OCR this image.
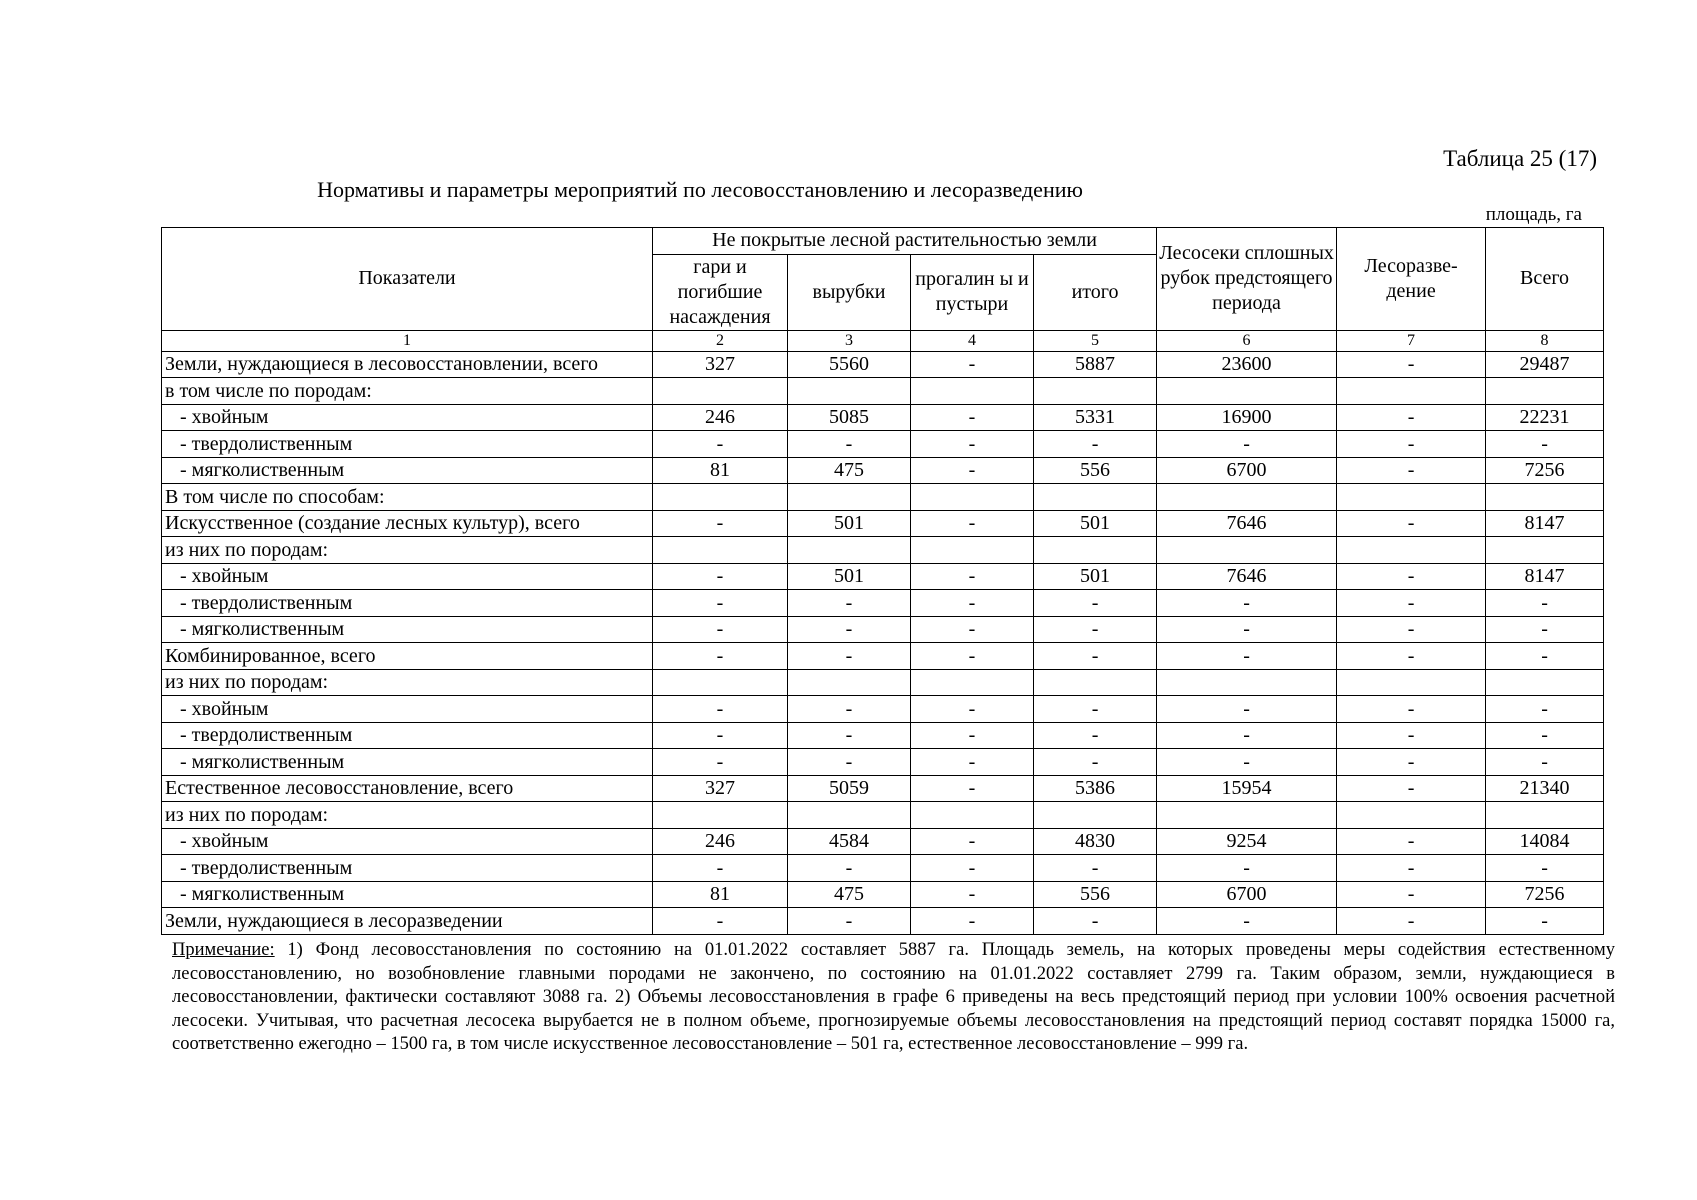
Таблица 25 (17)
Нормативы и параметры мероприятий по лесовосстановлению и лесоразведению
площадь, га
Показатели	Не покрытые лесной растительностью земли				Лесосеки сплошных рубок предстоящего периода	Лесоразве- дение	Всего
	гари и погибшие насаждения	вырубки	прогалин ы и пустыри	итого			
1	2	3	4	5	6	7	8
Земли, нуждающиеся в лесовосстановлении, всего	327	5560	-	5887	23600	-	29487
в том числе по породам:							
- хвойным	246	5085	-	5331	16900	-	22231
- твердолиственным	-	-	-	-	-	-	-
- мягколиственным	81	475	-	556	6700	-	7256
В том числе по способам:							
Искусственное (создание лесных культур), всего	-	501	-	501	7646	-	8147
из них по породам:							
- хвойным	-	501	-	501	7646	-	8147
- твердолиственным	-	-	-	-	-	-	-
- мягколиственным	-	-	-	-	-	-	-
Комбинированное, всего	-	-	-	-	-	-	-
из них по породам:							
- хвойным	-	-	-	-	-	-	-
- твердолиственным	-	-	-	-	-	-	-
- мягколиственным	-	-	-	-	-	-	-
Естественное лесовосстановление, всего	327	5059	-	5386	15954	-	21340
из них по породам:							
- хвойным	246	4584	-	4830	9254	-	14084
- твердолиственным	-	-	-	-	-	-	-
- мягколиственным	81	475	-	556	6700	-	7256
Земли, нуждающиеся в лесоразведении	-	-	-	-	-	-	-
Примечание: 1) Фонд лесовосстановления по состоянию на 01.01.2022 составляет 5887 га. Площадь земель, на которых проведены меры содействия естественному лесовосстановлению, но возобновление главными породами не закончено, по состоянию на 01.01.2022 составляет 2799 га. Таким образом, земли, нуждающиеся в лесовосстановлении, фактически составляют 3088 га. 2) Объемы лесовосстановления в графе 6 приведены на весь предстоящий период при условии 100% освоения расчетной лесосеки. Учитывая, что расчетная лесосека вырубается не в полном объеме, прогнозируемые объемы лесовосстановления на предстоящий период составят порядка 15000 га, соответственно ежегодно – 1500 га, в том числе искусственное лесовосстановление – 501 га, естественное лесовосстановление – 999 га.
